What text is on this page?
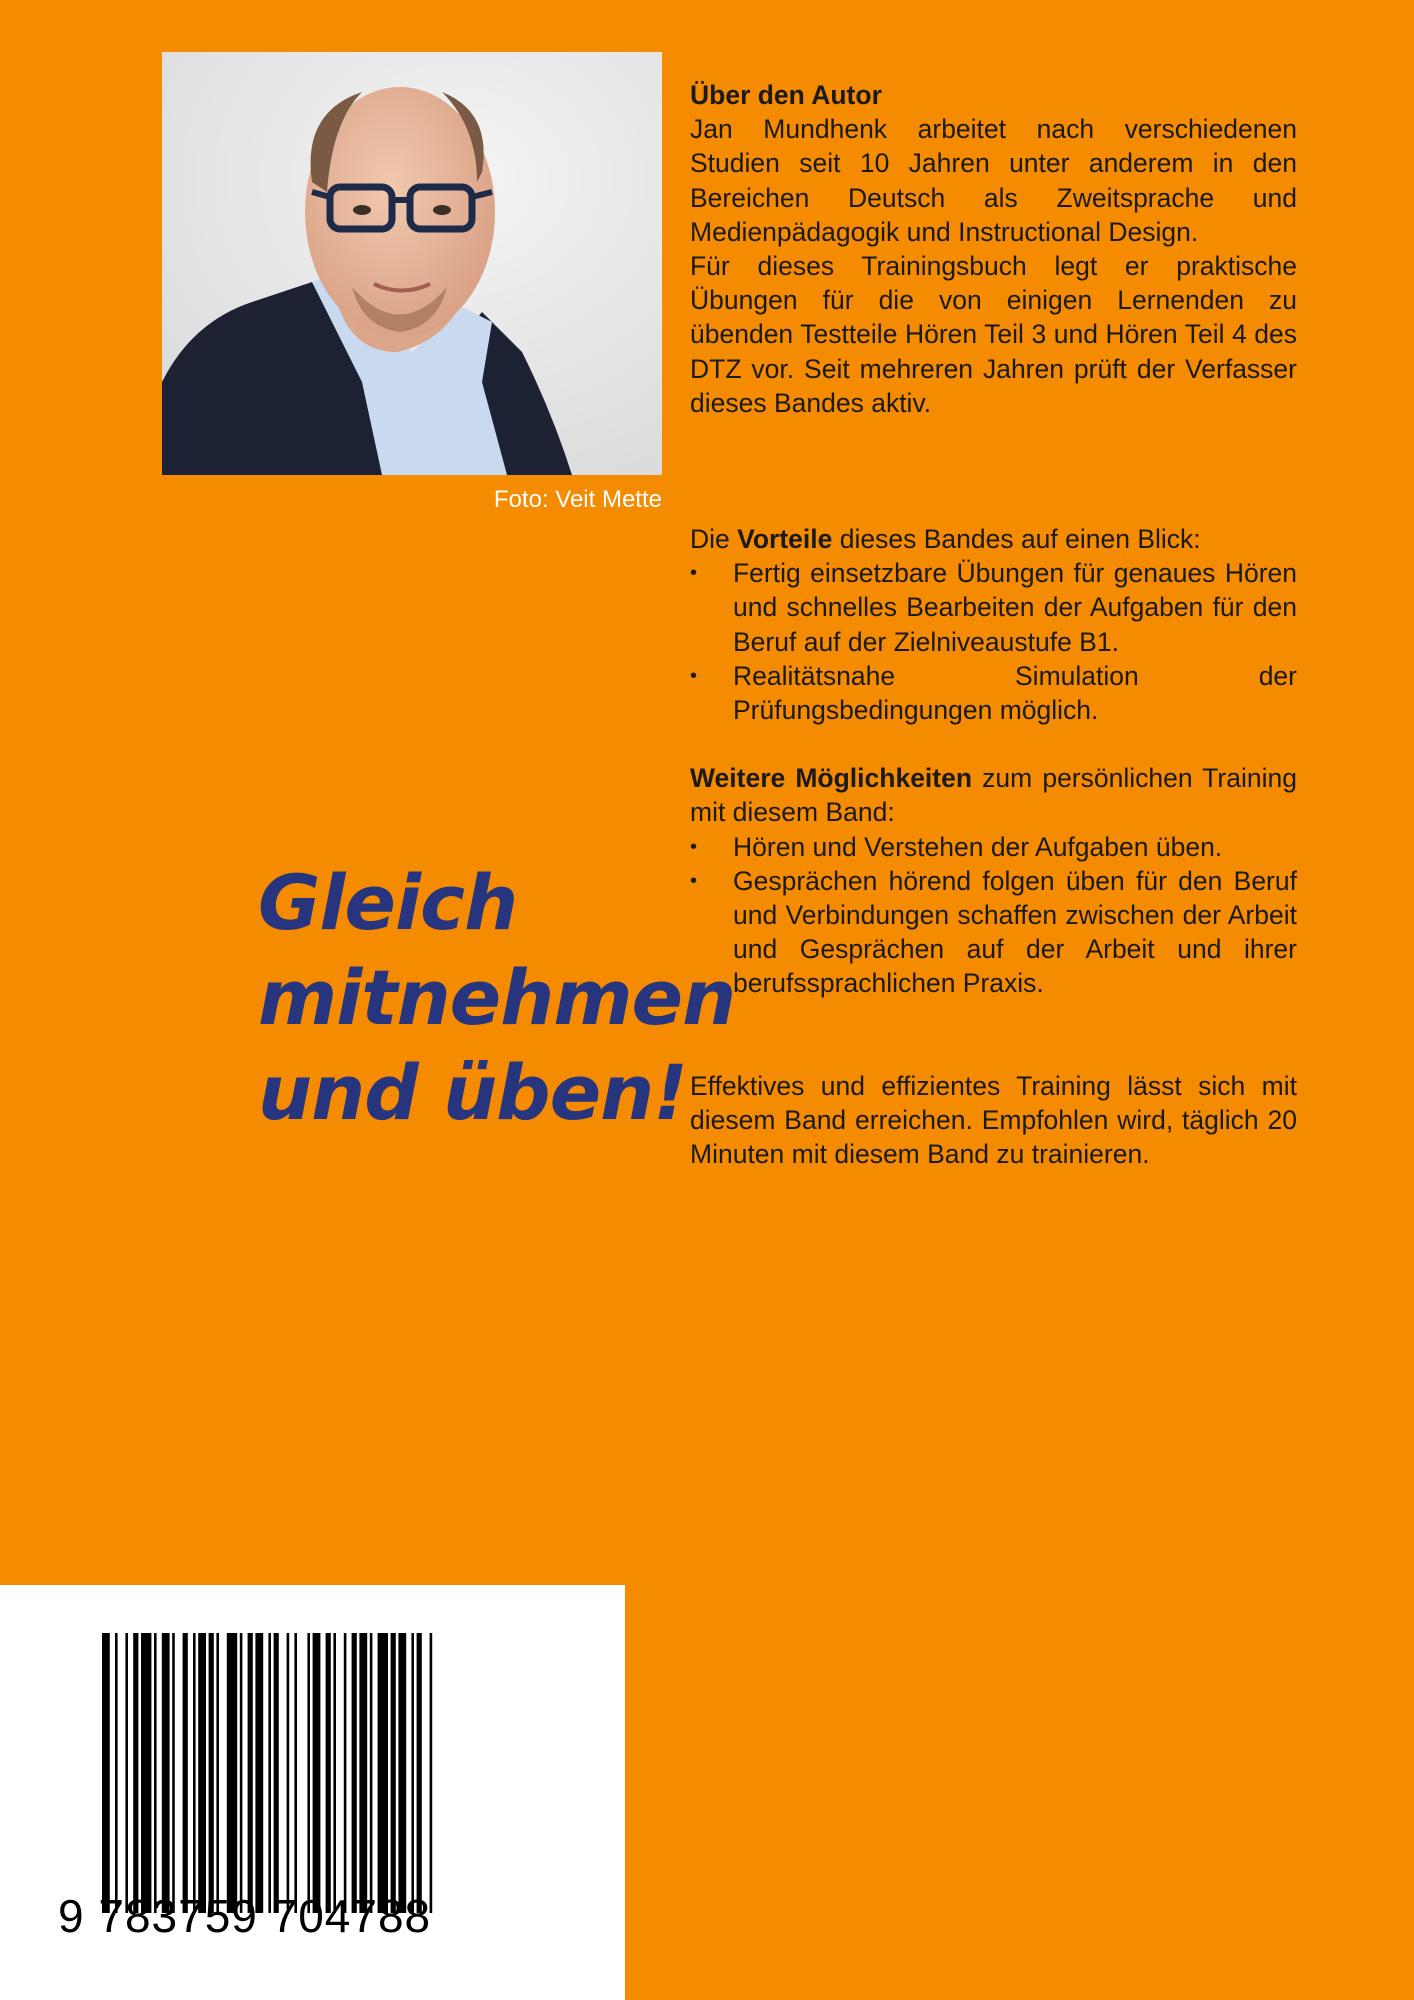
Foto: Veit Mette

Über den Autor

Jan Mundhenk arbeitet nach verschiedenen Studien seit 10 Jahren unter anderem in den Bereichen Deutsch als Zweitsprache und Medienpädagogik und Instructional Design.

Für dieses Trainingsbuch legt er praktische Übungen für die von einigen Lernenden zu übenden Testteile Hören Teil 3 und Hören Teil 4 des DTZ vor. Seit mehreren Jahren prüft der Verfasser dieses Bandes aktiv.

Die Vorteile dieses Bandes auf einen Blick:

• Fertig einsetzbare Übungen für genaues Hören und schnelles Bearbeiten der Aufgaben für den Beruf auf der Zielniveaustufe B1.
• Realitätsnahe Simulation der Prüfungsbedingungen möglich.

Weitere Möglichkeiten zum persönlichen Training mit diesem Band:

• Hören und Verstehen der Aufgaben üben.
• Gesprächen hörend folgen üben für den Beruf und Verbindungen schaffen zwischen der Arbeit und Gesprächen auf der Arbeit und ihrer berufssprachlichen Praxis.

Effektives und effizientes Training lässt sich mit diesem Band erreichen. Empfohlen wird, täglich 20 Minuten mit diesem Band zu trainieren.

Gleich
mitnehmen
und üben!
9 783759 704788
